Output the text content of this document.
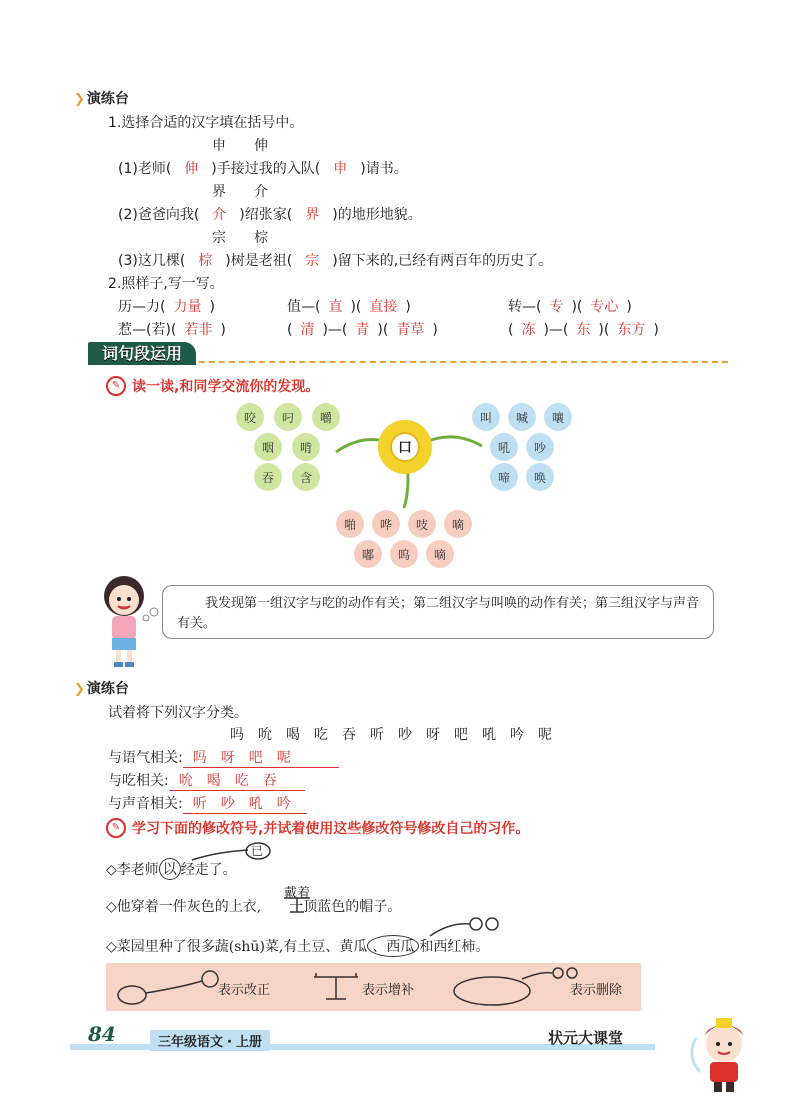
❯ 演练台
1.选择合适的汉字填在括号中。
申　　伸
(1)老师( 伸 )手接过我的入队( 申 )请书。
界　　介
(2)爸爸向我( 介 )绍张家( 界 )的地形地貌。
宗　　棕
(3)这几棵( 棕 )树是老祖( 宗 )留下来的,已经有两百年的历史了。
2.照样子,写一写。
历—力( 力量 )	值—( 直 )( 直接 )	转—( 专 )( 专心 )
惹—(若)( 若非 )	( 清 )—( 青 )( 青草 )	( 冻 )—( 东 )( 东方 )
词句段运用
✎ 读一读,和同学交流你的发现。
口
咬	叼	嚼
咽	啃
吞	含
叫	喊	嚷
吼	吵
啼	唤
啪	哗	吱	嘀
嘟	呜	嘀
我发现第一组汉字与吃的动作有关；第二组汉字与叫唤的动作有关；第三组汉字与声音有关。
❯ 演练台
试着将下列汉字分类。
吗　吮　喝　吃　吞　听　吵　呀　吧　吼　吟　呢
与语气相关: 吗　呀　吧　呢
与吃相关: 吮　喝　吃　吞
与声音相关: 听　吵　吼　吟
✎ 学习下面的修改符号,并试着使用这些修改符号修改自己的习作。
◇李老师 以 经走了。
已
戴着
◇他穿着一件灰色的上衣, 一顶蓝色的帽子。
◇菜园里种了很多蔬(shū)菜,有土豆、黄瓜 、西瓜 和西红柿。
表示改正	表示增补	表示删除
84	三年级语文・上册	状元大课堂
